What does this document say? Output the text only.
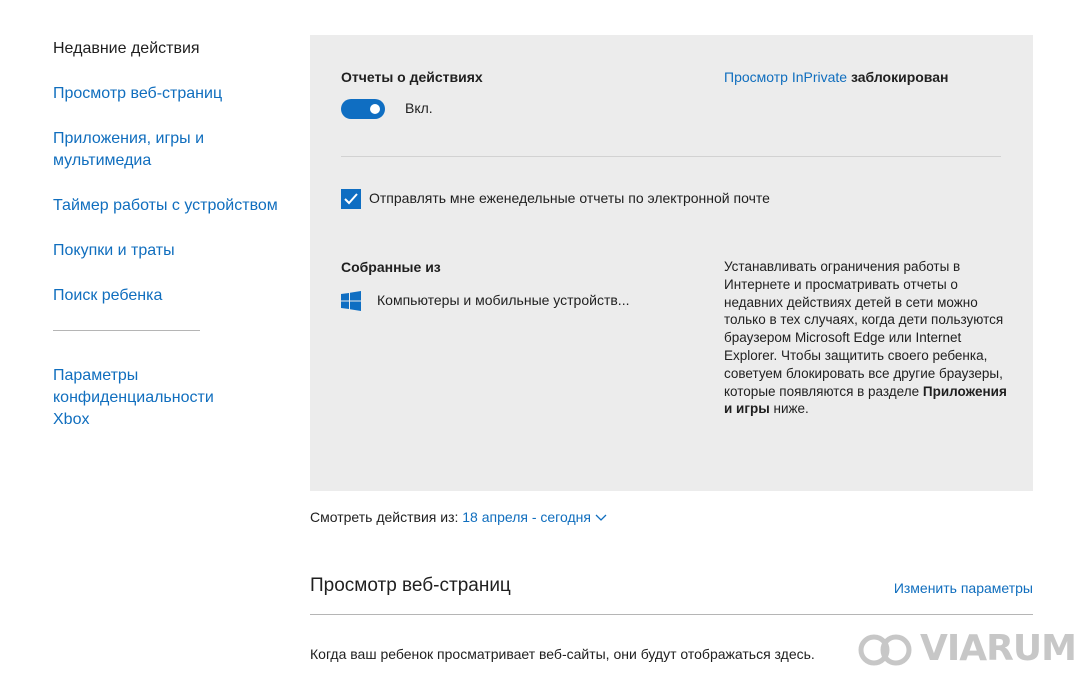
Недавние действия
Просмотр веб-страниц
Приложения, игры и мультимедиа
Таймер работы с устройством
Покупки и траты
Поиск ребенка
Параметры конфиденциальности Xbox
Отчеты о действиях
Вкл.
Просмотр InPrivate заблокирован
Отправлять мне еженедельные отчеты по электронной почте
Собранные из
Компьютеры и мобильные устройств...

Устанавливать ограничения работы в Интернете и просматривать отчеты о недавних действиях детей в сети можно только в тех случаях, когда дети пользуются браузером Microsoft Edge или Internet Explorer. Чтобы защитить своего ребенка, советуем блокировать все другие браузеры, которые появляются в разделе Приложения и игры ниже.

Смотреть действия из: 18 апреля - сегодня
Просмотр веб-страниц	Изменить параметры

Когда ваш ребенок просматривает веб-сайты, они будут отображаться здесь.	VIARUM
